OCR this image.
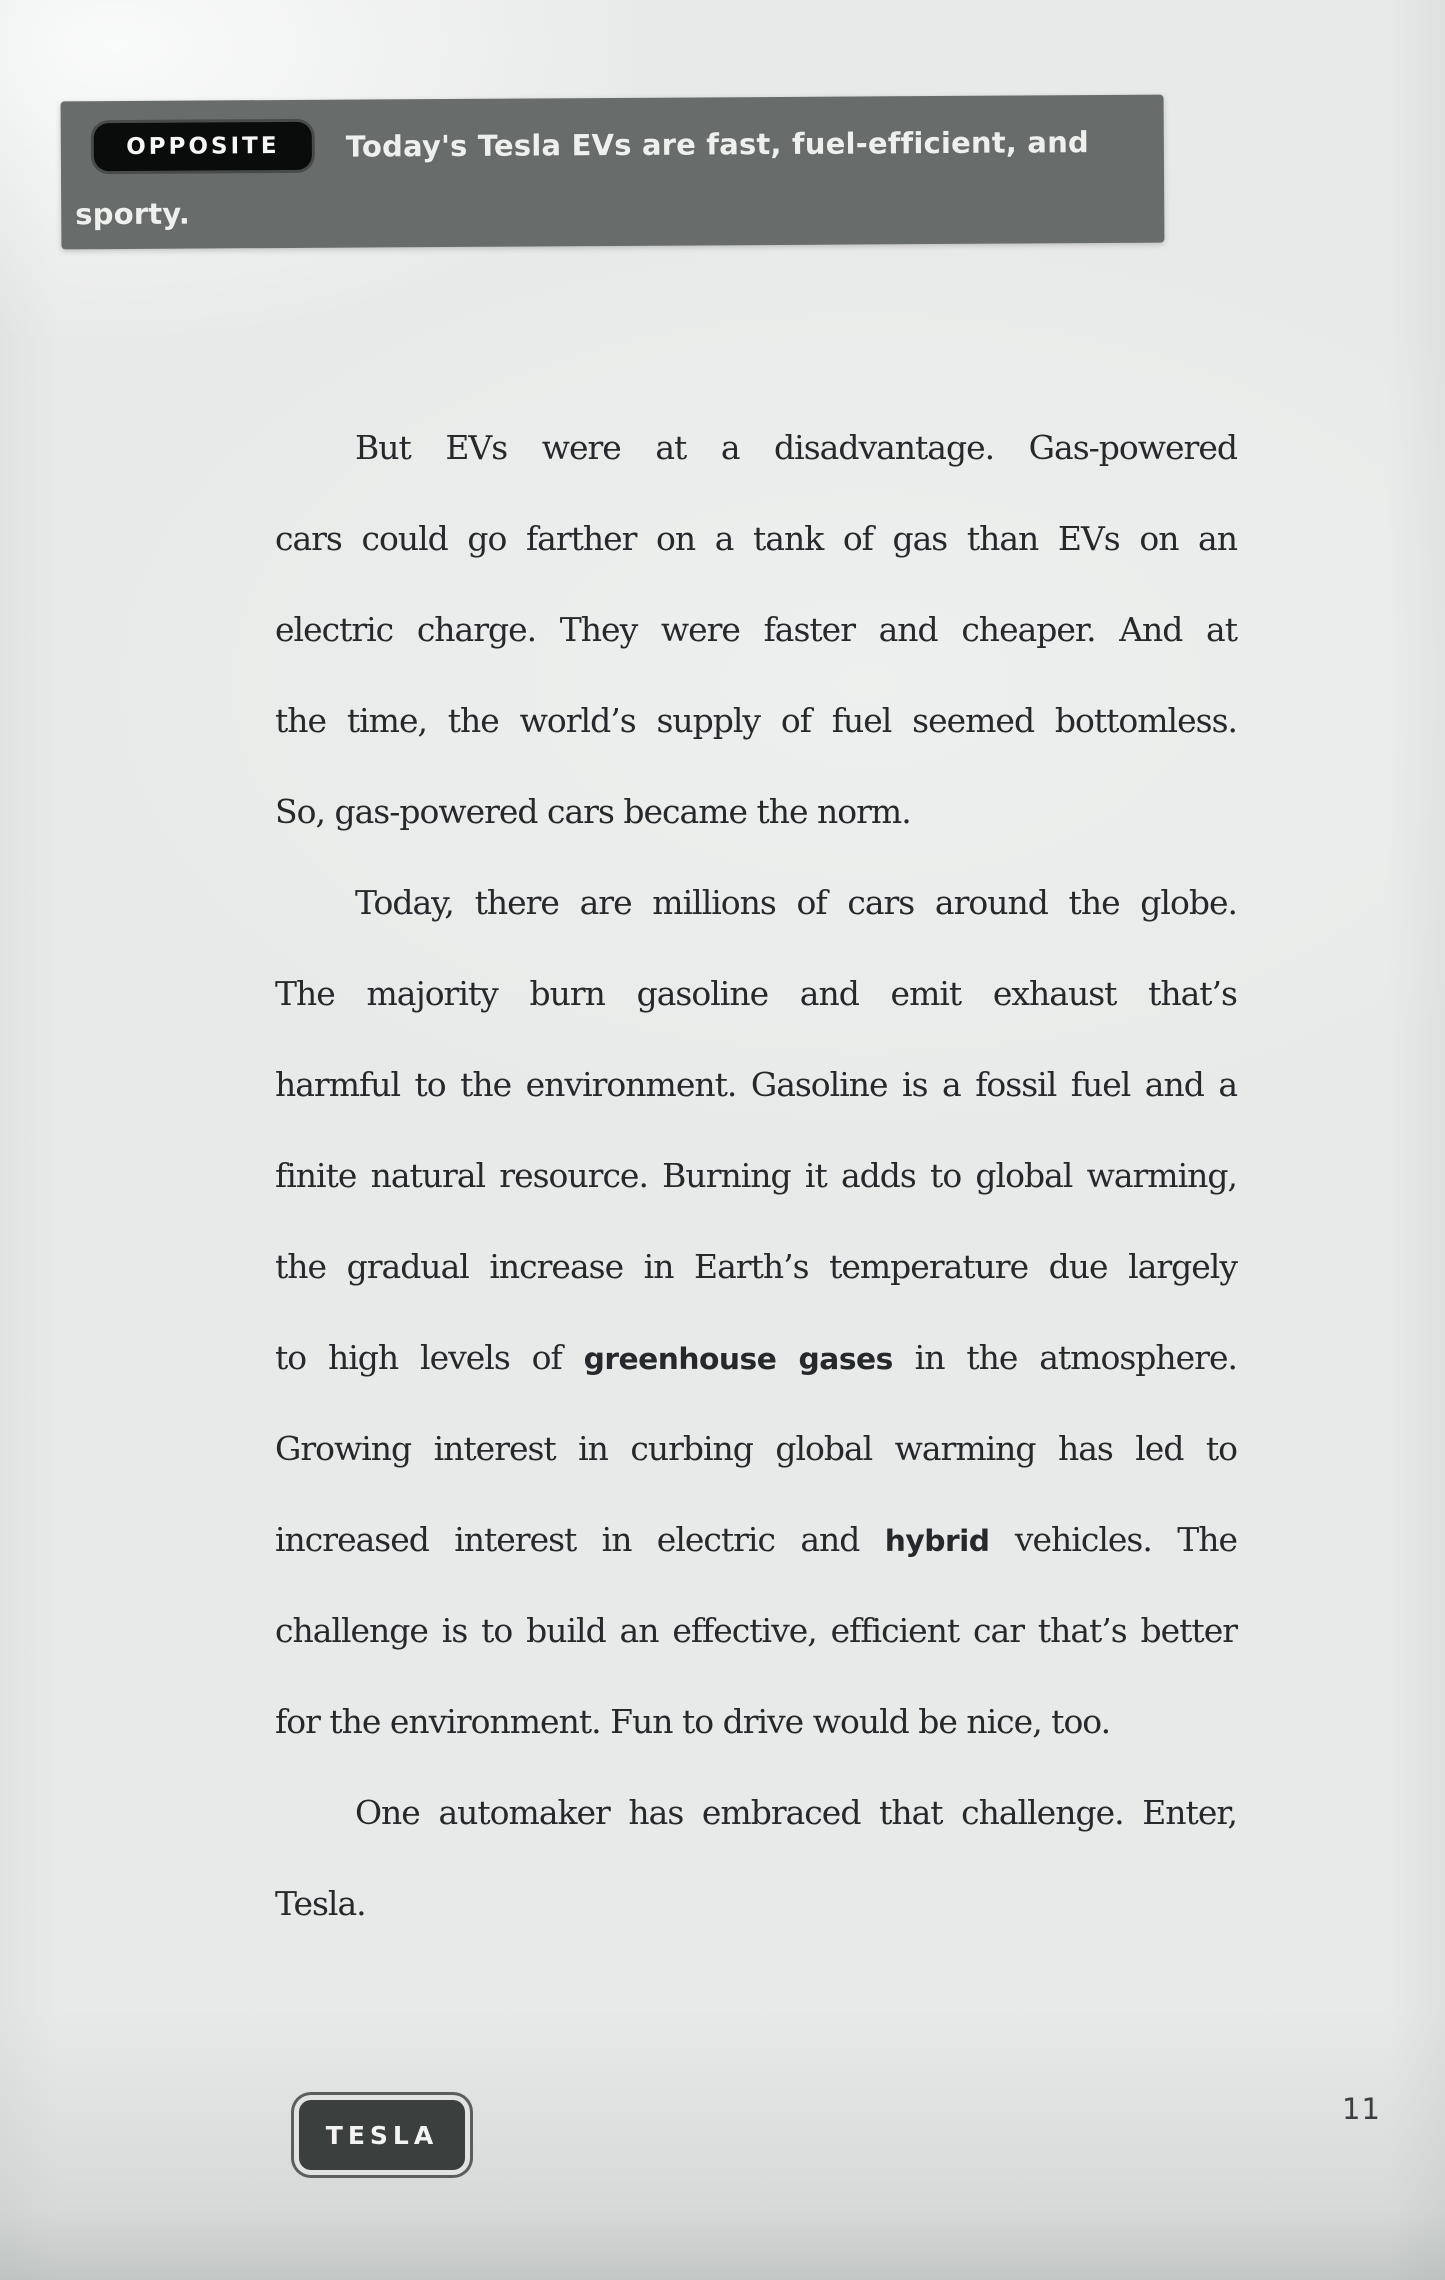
OPPOSITE Today's Tesla EVs are fast, fuel-efficient, and
sporty.
But EVs were at a disadvantage. Gas-powered
cars could go farther on a tank of gas than EVs on an
electric charge. They were faster and cheaper. And at
the time, the world’s supply of fuel seemed bottomless.
So, gas-powered cars became the norm.
Today, there are millions of cars around the globe.
The majority burn gasoline and emit exhaust that’s
harmful to the environment. Gasoline is a fossil fuel and a
finite natural resource. Burning it adds to global warming,
the gradual increase in Earth’s temperature due largely
to high levels of greenhouse gases in the atmosphere.
Growing interest in curbing global warming has led to
increased interest in electric and hybrid vehicles. The
challenge is to build an effective, efficient car that’s better
for the environment. Fun to drive would be nice, too.
One automaker has embraced that challenge. Enter,
Tesla.
TESLA
11
